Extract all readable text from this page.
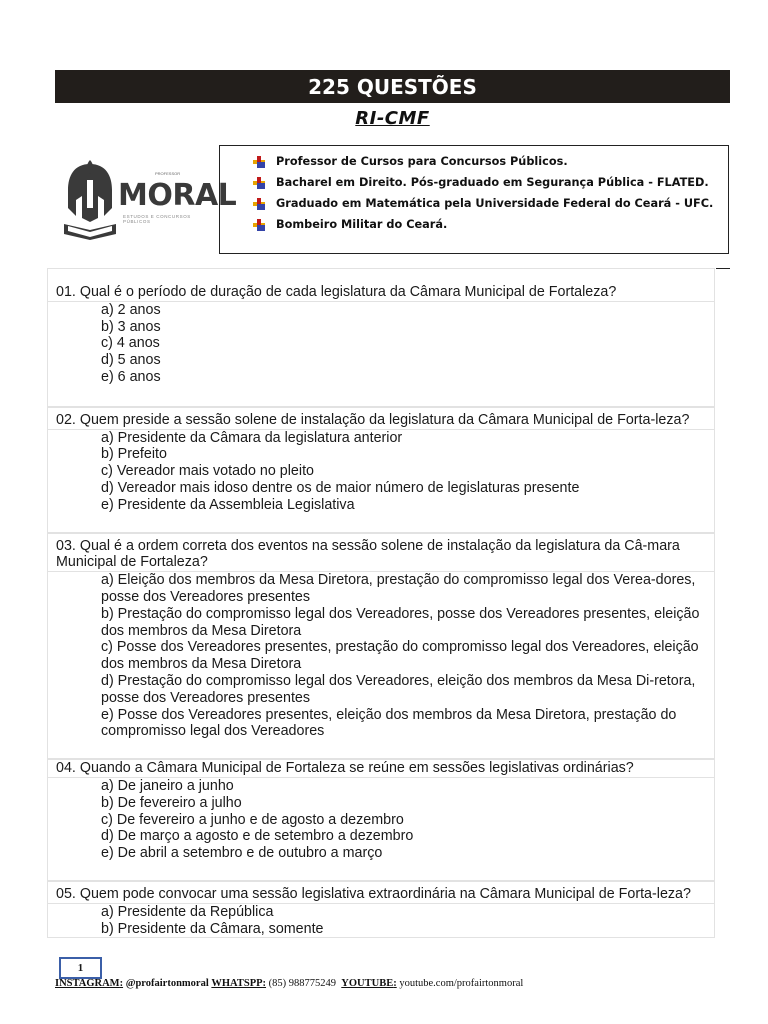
225 QUESTÕES
RI-CMF
PROFESSOR
MORAL
ESTUDOS E CONCURSOS PÚBLICOS
Professor de Cursos para Concursos Públicos.
Bacharel em Direito. Pós-graduado em Segurança Pública - FLATED.
Graduado em Matemática pela Universidade Federal do Ceará - UFC.
Bombeiro Militar do Ceará.
01. Qual é o período de duração de cada legislatura da Câmara Municipal de Fortaleza?
a) 2 anos
b) 3 anos
c) 4 anos
d) 5 anos
e) 6 anos
02. Quem preside a sessão solene de instalação da legislatura da Câmara Municipal de Forta-leza?
a) Presidente da Câmara da legislatura anterior
b) Prefeito
c) Vereador mais votado no pleito
d) Vereador mais idoso dentre os de maior número de legislaturas presente
e) Presidente da Assembleia Legislativa
03. Qual é a ordem correta dos eventos na sessão solene de instalação da legislatura da Câ-mara Municipal de Fortaleza?
a) Eleição dos membros da Mesa Diretora, prestação do compromisso legal dos Verea-dores, posse dos Vereadores presentes
b) Prestação do compromisso legal dos Vereadores, posse dos Vereadores presentes, eleição dos membros da Mesa Diretora
c) Posse dos Vereadores presentes, prestação do compromisso legal dos Vereadores, eleição dos membros da Mesa Diretora
d) Prestação do compromisso legal dos Vereadores, eleição dos membros da Mesa Di-retora, posse dos Vereadores presentes
e) Posse dos Vereadores presentes, eleição dos membros da Mesa Diretora, prestação do compromisso legal dos Vereadores
04. Quando a Câmara Municipal de Fortaleza se reúne em sessões legislativas ordinárias?
a) De janeiro a junho
b) De fevereiro a julho
c) De fevereiro a junho e de agosto a dezembro
d) De março a agosto e de setembro a dezembro
e) De abril a setembro e de outubro a março
05. Quem pode convocar uma sessão legislativa extraordinária na Câmara Municipal de Forta-leza?
a) Presidente da República
b) Presidente da Câmara, somente
1
INSTAGRAM: @profairtonmoral WHATSPP: (85) 988775249 YOUTUBE: youtube.com/profairtonmoral
